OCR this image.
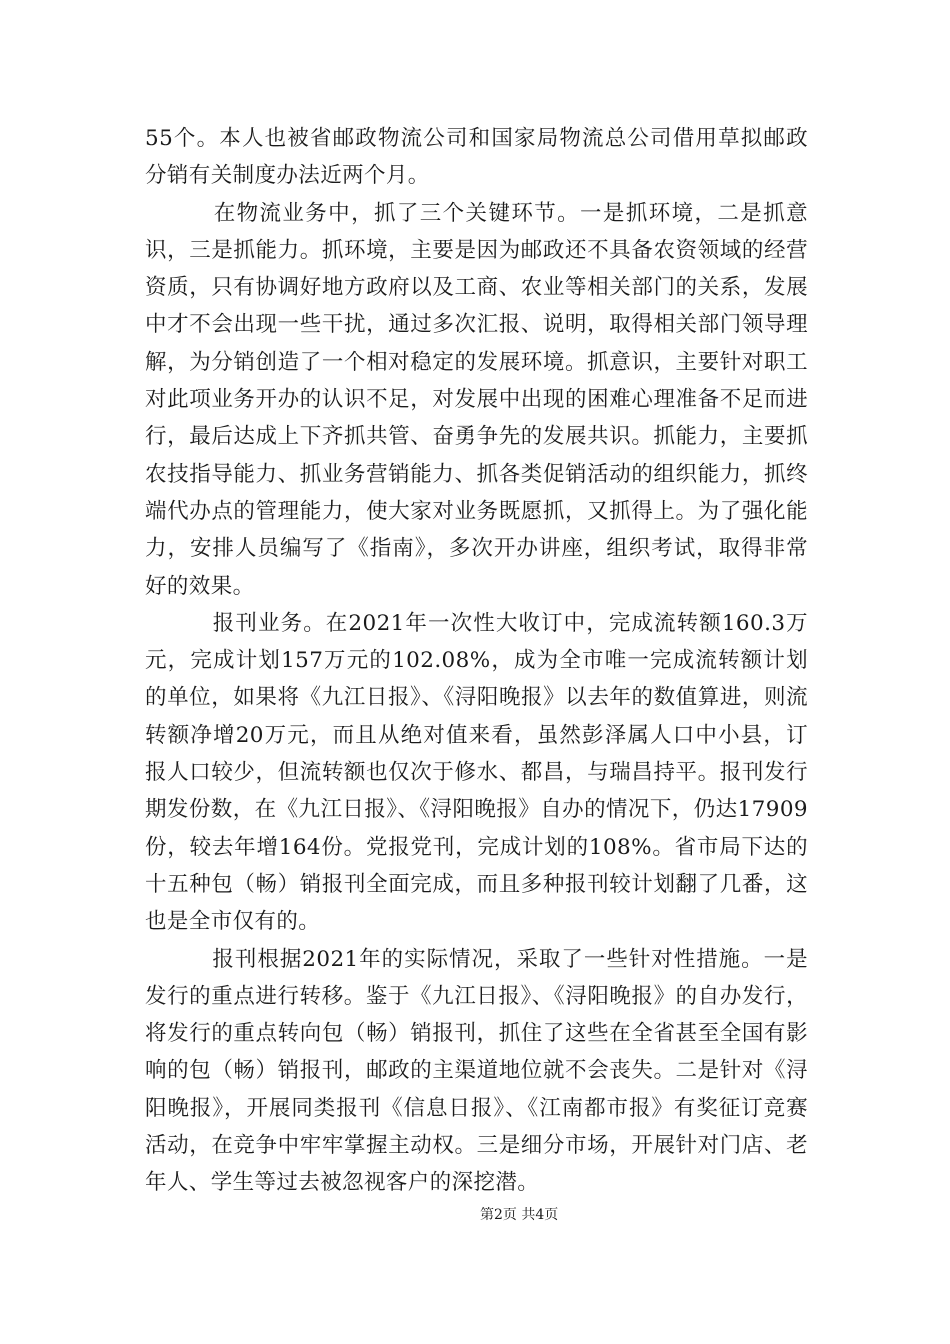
55个。本人也被省邮政物流公司和国家局物流总公司借用草拟邮政分销有关制度办法近两个月。

　　　在物流业务中，抓了三个关键环节。一是抓环境，二是抓意识，三是抓能力。抓环境，主要是因为邮政还不具备农资领域的经营资质，只有协调好地方政府以及工商、农业等相关部门的关系，发展中才不会出现一些干扰，通过多次汇报、说明，取得相关部门领导理解，为分销创造了一个相对稳定的发展环境。抓意识，主要针对职工对此项业务开办的认识不足，对发展中出现的困难心理准备不足而进行，最后达成上下齐抓共管、奋勇争先的发展共识。抓能力，主要抓农技指导能力、抓业务营销能力、抓各类促销活动的组织能力，抓终端代办点的管理能力，使大家对业务既愿抓，又抓得上。为了强化能力，安排人员编写了《指南》，多次开办讲座，组织考试，取得非常好的效果。

　　　报刊业务。在2021年一次性大收订中，完成流转额160.3万元，完成计划157万元的102.08%，成为全市唯一完成流转额计划的单位，如果将《九江日报》、《浔阳晚报》以去年的数值算进，则流转额净增20万元，而且从绝对值来看，虽然彭泽属人口中小县，订报人口较少，但流转额也仅次于修水、都昌，与瑞昌持平。报刊发行期发份数，在《九江日报》、《浔阳晚报》自办的情况下，仍达17909份，较去年增164份。党报党刊，完成计划的108%。省市局下达的十五种包（畅）销报刊全面完成，而且多种报刊较计划翻了几番，这也是全市仅有的。

　　　报刊根据2021年的实际情况，采取了一些针对性措施。一是发行的重点进行转移。鉴于《九江日报》、《浔阳晚报》的自办发行，将发行的重点转向包（畅）销报刊，抓住了这些在全省甚至全国有影响的包（畅）销报刊，邮政的主渠道地位就不会丧失。二是针对《浔阳晚报》，开展同类报刊《信息日报》、《江南都市报》有奖征订竞赛活动，在竞争中牢牢掌握主动权。三是细分市场，开展针对门店、老年人、学生等过去被忽视客户的深挖潜。

第2页 共4页
